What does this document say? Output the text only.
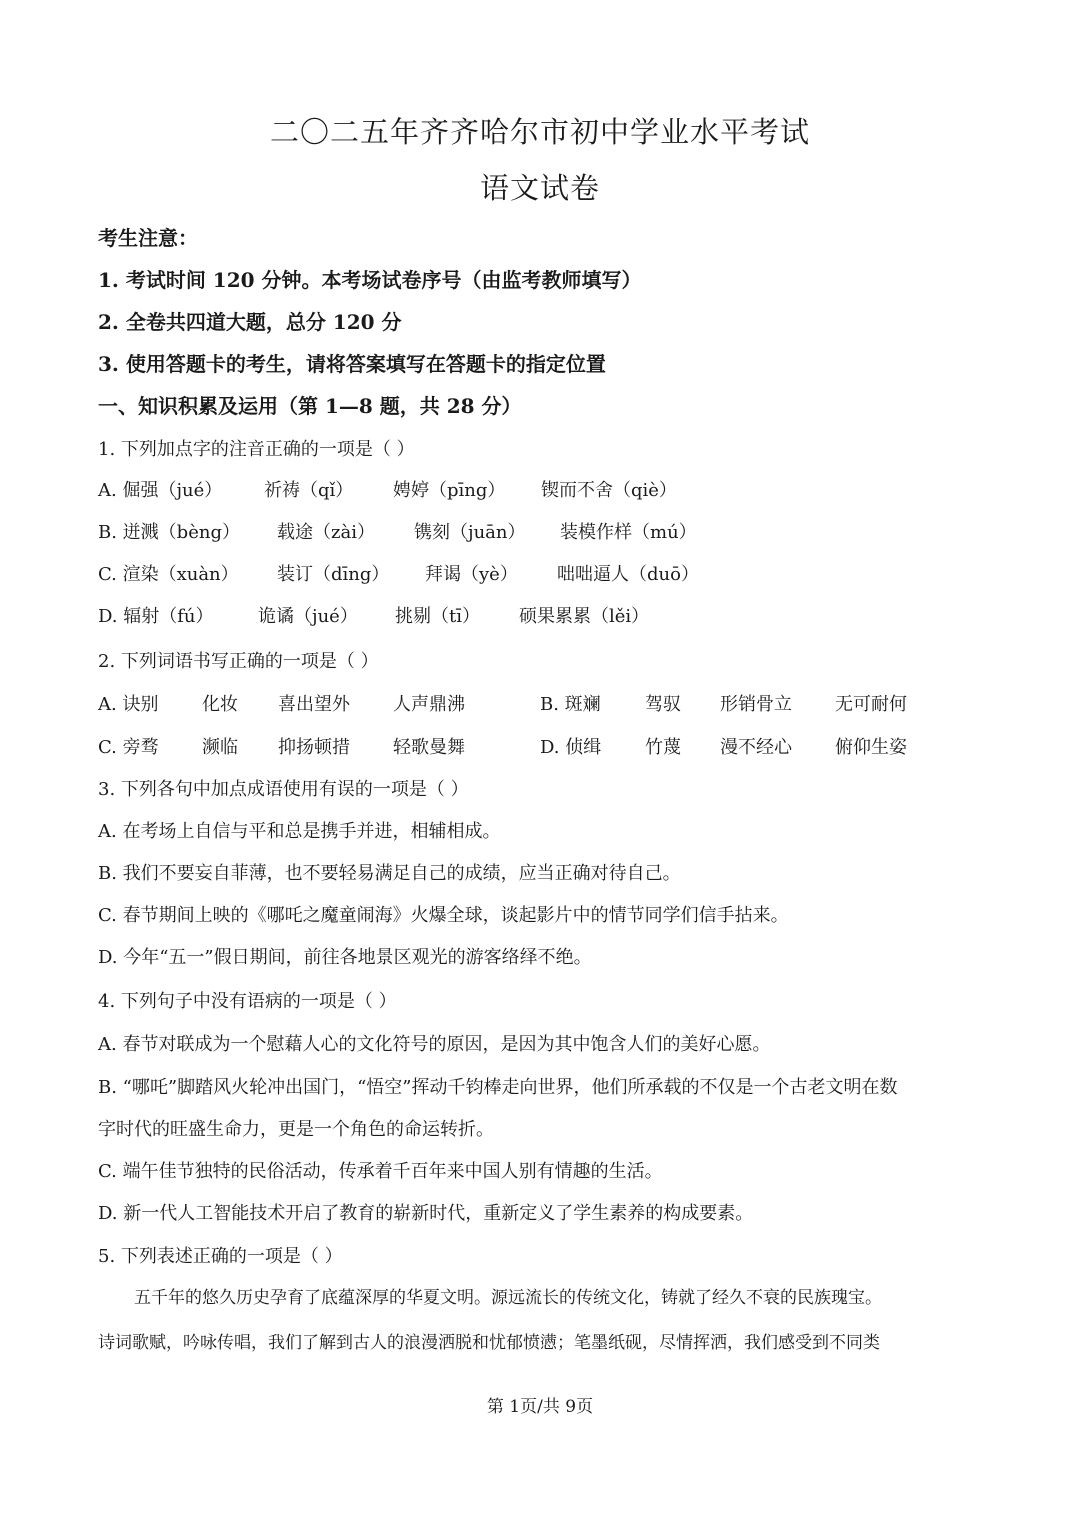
二〇二五年齐齐哈尔市初中学业水平考试
语文试卷
考生注意：
1. 考试时间 120 分钟。本考场试卷序号（由监考教师填写）
2. 全卷共四道大题，总分 120 分
3. 使用答题卡的考生，请将答案填写在答题卡的指定位置
一、知识积累及运用（第 1—8 题，共 28 分）
1. 下列加点字的注音正确的一项是（ ）
A. 倔强（jué） 祈祷（qǐ） 娉婷（pīng） 锲而不舍（qiè）
B. 迸溅（bèng） 载途（zài） 镌刻（juān） 装模作样（mú）
C. 渲染（xuàn） 装订（dīng） 拜谒（yè） 咄咄逼人（duō）
D. 辐射（fú） 诡谲（jué） 挑剔（tī） 硕果累累（lěi）
2. 下列词语书写正确的一项是（ ）
A. 诀别 化妆 喜出望外 人声鼎沸	B. 斑斓 驾驭 形销骨立 无可耐何
C. 旁骛 濒临 抑扬顿措 轻歌曼舞	D. 侦缉 竹蔑 漫不经心 俯仰生姿
3. 下列各句中加点成语使用有误的一项是（ ）
A. 在考场上自信与平和总是携手并进，相辅相成。
B. 我们不要妄自菲薄，也不要轻易满足自己的成绩，应当正确对待自己。
C. 春节期间上映的《哪吒之魔童闹海》火爆全球，谈起影片中的情节同学们信手拈来。
D. 今年“五一”假日期间，前往各地景区观光的游客络绎不绝。
4. 下列句子中没有语病的一项是（ ）
A. 春节对联成为一个慰藉人心的文化符号的原因，是因为其中饱含人们的美好心愿。
B. “哪吒”脚踏风火轮冲出国门，“悟空”挥动千钧棒走向世界，他们所承载的不仅是一个古老文明在数
字时代的旺盛生命力，更是一个角色的命运转折。
C. 端午佳节独特的民俗活动，传承着千百年来中国人别有情趣的生活。
D. 新一代人工智能技术开启了教育的崭新时代，重新定义了学生素养的构成要素。
5. 下列表述正确的一项是（ ）
五千年的悠久历史孕育了底蕴深厚的华夏文明。源远流长的传统文化，铸就了经久不衰的民族瑰宝。
诗词歌赋，吟咏传唱，我们了解到古人的浪漫洒脱和忧郁愤懑；笔墨纸砚，尽情挥洒，我们感受到不同类
第 1页/共 9页
